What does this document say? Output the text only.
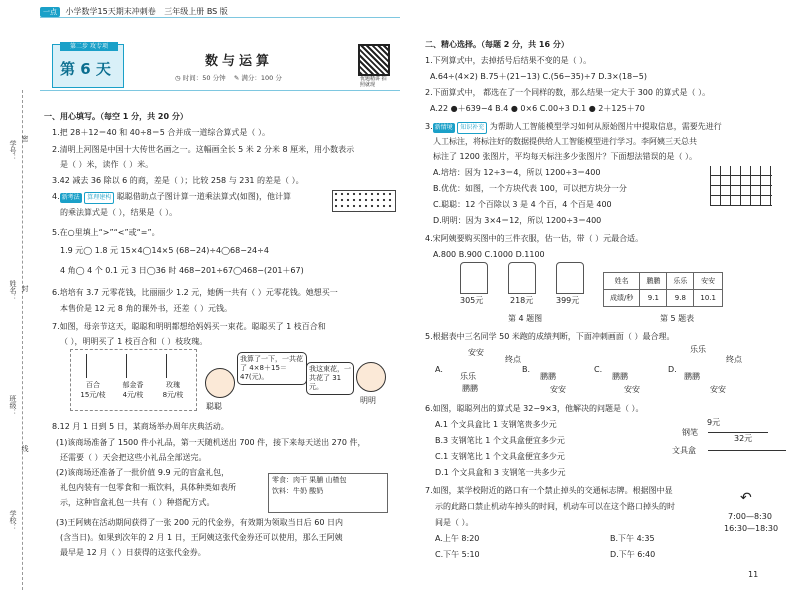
一点 小学数学15天期末冲刺卷 三年级上册 BS 版
学号：
姓名：
班级：
学校：
密
封
线
第二步 攻专项
第 6 天	数与运算
◷ 时间：50 分钟 ✎ 满分：100 分	优题精讲 拍照就现
一、用心填写。（每空 1 分，共 20 分）
1.把 28＋12＝40 和 40÷8＝5 合并成一道综合算式是（ ）。
2.清明上河图是中国十大传世名画之一。这幅画全长 5 米 2 分米 8 厘米，用小数表示
是（ ）米，读作（ ）米。
3.42 减去 36 除以 6 的商，差是（ ）；比较 258 与 231 的差是（ ）。
4. 新考法 算理建构 聪聪借助点子图计算一道乘法算式(如图)，他计算
的乘法算式是（ ），结果是（ ）。
5.在○里填上“>”“<”或“=”。
1.9 元◯ 1.8 元 15×4◯14×5 (68−24)÷4◯68−24÷4
4 角◯ 4 个 0.1 元 3 日◯36 时 468−201÷67◯468−(201＋67)
6.培培有 3.7 元零花钱，比丽丽少 1.2 元，她俩一共有（ ）元零花钱。她想买一
本售价是 12 元 8 角的课外书，还差（ ）元钱。
7.如图，母亲节这天，聪聪和明明都想给妈妈买一束花。聪聪买了 1 枝百合和
（ ），明明买了 1 枝百合和（ ）枝玫瑰。
百合
15元/枝
郁金香
4元/枝
玫瑰
8元/枝
聪聪
我算了一下，一共花了 4×8＋15＝47(元)。
我这束花，一共花了 31 元。
明明
8.12 月 1 日到 5 日，某商场举办周年庆典活动。
(1)该商场准备了 1500 件小礼品，第一天随机送出 700 件，接下来每天送出 270 件，
还需要（ ）天会把这些小礼品全部送完。
(2)该商场还准备了一批价值 9.9 元的盲盒礼包，
礼包内装有一包零食和一瓶饮料，具体种类如表所
示，这种盲盒礼包一共有（ ）种搭配方式。
零食：肉干 果脯 山楂包
饮料：牛奶 酸奶
(3)王阿姨在活动期间获得了一张 200 元的代金券，有效期为领取当日后 60 日内
(含当日)。如果到次年的 2 月 1 日，王阿姨这张代金券还可以使用，那么王阿姨
最早是 12 月（ ）日获得的这张代金券。
二、精心选择。（每题 2 分，共 16 分）
1.下列算式中，去掉括号后结果不变的是（ ）。
A.64÷(4×2) B.75＋(21−13) C.(56−35)÷7 D.3×(18−5)
2.下面算式中， 都选在了一个同样的数，那么结果一定大于 300 的算式是（ ）。
A.22 ●＋639−4 B.4 ● 0×6 C.00÷3 D.1 ● 2＋125＋70
3. 新情境 知识补充 为帮助人工智能模型学习如何从原始图片中提取信息，需要先进行
人工标注，将标注好的数据提供给人工智能模型进行学习。李阿姨三天总共
标注了 1200 张图片，平均每天标注多少张图片？下面想法错误的是（ ）。
A.培培：因为 12÷3＝4，所以 1200÷3＝400
B.优优：如图，一个方块代表 100，可以把方块分一分
C.聪聪：12 个百除以 3 是 4 个百，4 个百是 400
D.明明：因为 3×4＝12，所以 1200÷3＝400
4.宋阿姨要购买图中的三件衣服，估一估，带（ ）元最合适。
A.800 B.900 C.1000 D.1100
305元	218元	399元
第 4 题图
姓名	鹏鹏	乐乐	安安
成绩/秒	9.1	9.8	10.1
第 5 题表
5.根据表中三名同学 50 米跑的成绩判断，下面冲刺画面（ ）最合理。
A.
安安
乐乐
鹏鹏
终点
B.
鹏鹏
安安
C.
鹏鹏
安安
D.
乐乐
鹏鹏
安安
终点
6.如图，聪聪列出的算式是 32−9×3，他解决的问题是（ ）。
A.1 个文具盒比 1 支钢笔贵多少元
B.3 支钢笔比 1 个文具盒便宜多少元
C.1 支钢笔比 1 个文具盒便宜多少元
D.1 个文具盒和 3 支钢笔一共多少元
9元
钢笔
32元
文具盒
7.如图，某学校附近的路口有一个禁止掉头的交通标志牌。根据图中显
示的此路口禁止机动车掉头的时间，机动车可以在这个路口掉头的时
间是（ ）。
A.上午 8:20	B.下午 4:35
C.下午 5:10	D.下午 6:40
↶
7:00—8:30
16:30—18:30
11
